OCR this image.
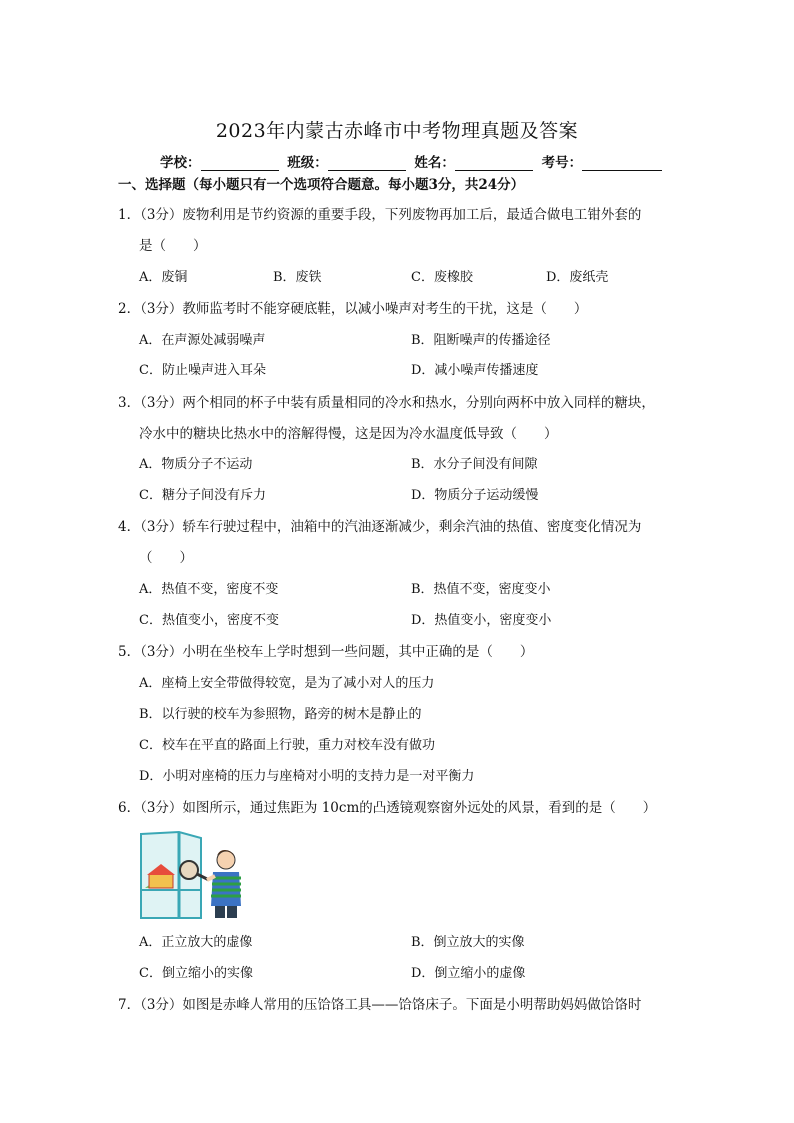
2023年内蒙古赤峰市中考物理真题及答案
学校：	班级：	姓名：	考号：
一、选择题（每小题只有一个选项符合题意。每小题3分，共24分）
1．（3分）废物利用是节约资源的重要手段，下列废物再加工后，最适合做电工钳外套的
是（　　）
A．废铜	B．废铁	C．废橡胶	D．废纸壳
2．（3分）教师监考时不能穿硬底鞋，以减小噪声对考生的干扰，这是（　　）
A．在声源处减弱噪声	B．阻断噪声的传播途径
C．防止噪声进入耳朵	D．减小噪声传播速度
3．（3分）两个相同的杯子中装有质量相同的冷水和热水，分别向两杯中放入同样的糖块，
冷水中的糖块比热水中的溶解得慢，这是因为冷水温度低导致（　　）
A．物质分子不运动	B．水分子间没有间隙
C．糖分子间没有斥力	D．物质分子运动缓慢
4．（3分）轿车行驶过程中，油箱中的汽油逐渐减少，剩余汽油的热值、密度变化情况为
（　　）
A．热值不变，密度不变	B．热值不变，密度变小
C．热值变小，密度不变	D．热值变小，密度变小
5．（3分）小明在坐校车上学时想到一些问题，其中正确的是（　　）
A．座椅上安全带做得较宽，是为了减小对人的压力
B．以行驶的校车为参照物，路旁的树木是静止的
C．校车在平直的路面上行驶，重力对校车没有做功
D．小明对座椅的压力与座椅对小明的支持力是一对平衡力
6．（3分）如图所示，通过焦距为 10cm的凸透镜观察窗外远处的风景，看到的是（　　）
A．正立放大的虚像	B．倒立放大的实像
C．倒立缩小的实像	D．倒立缩小的虚像
7．（3分）如图是赤峰人常用的压饸饹工具——饸饹床子。下面是小明帮助妈妈做饸饹时
